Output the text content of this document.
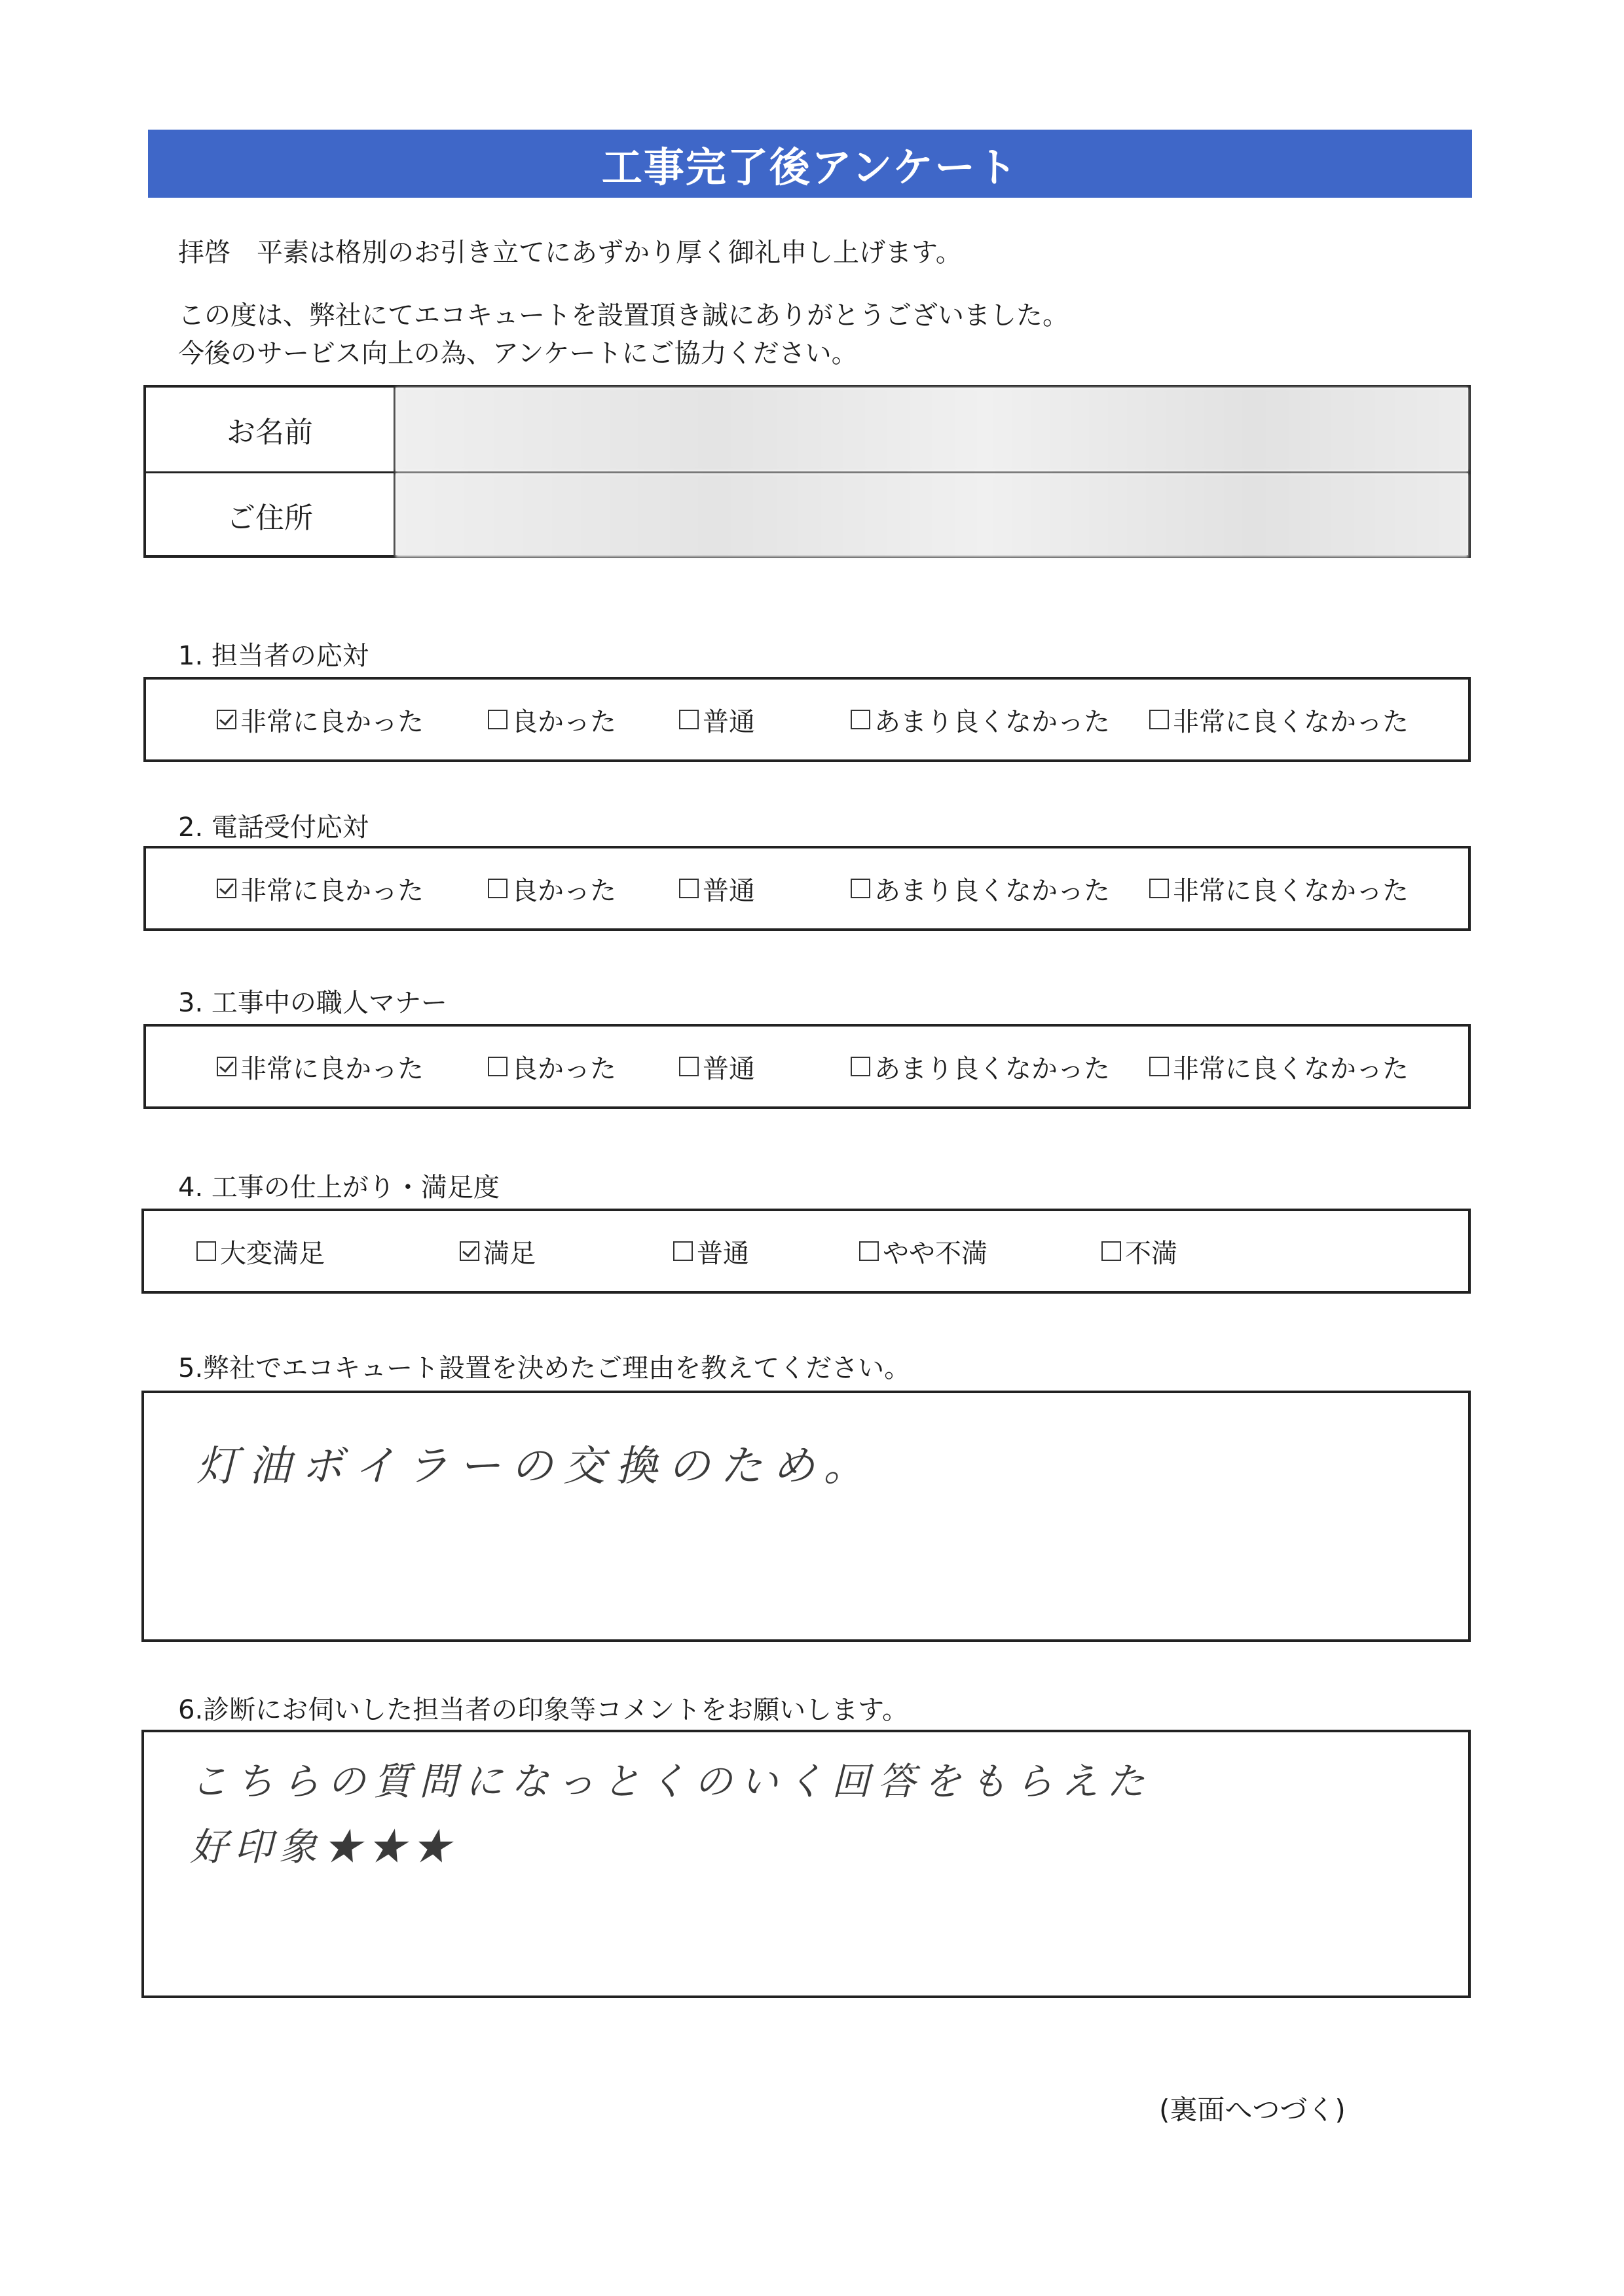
工事完了後アンケート
拝啓　平素は格別のお引き立てにあずかり厚く御礼申し上げます。
この度は、弊社にてエコキュートを設置頂き誠にありがとうございました。
今後のサービス向上の為、アンケートにご協力ください。
お名前
ご住所
1. 担当者の応対
非常に良かった	良かった	普通	あまり良くなかった 非常に良くなかった
2. 電話受付応対
非常に良かった	良かった	普通	あまり良くなかった 非常に良くなかった
3. 工事中の職人マナー
非常に良かった	良かった	普通	あまり良くなかった 非常に良くなかった
4. 工事の仕上がり・満足度
大変満足	満足	普通	やや不満	不満
5.弊社でエコキュート設置を決めたご理由を教えてください。
灯油ボイラーの交換のため。
6.診断にお伺いした担当者の印象等コメントをお願いします。
こちらの質問になっとくのいく回答をもらえた
好印象★★★
(裏面へつづく)
